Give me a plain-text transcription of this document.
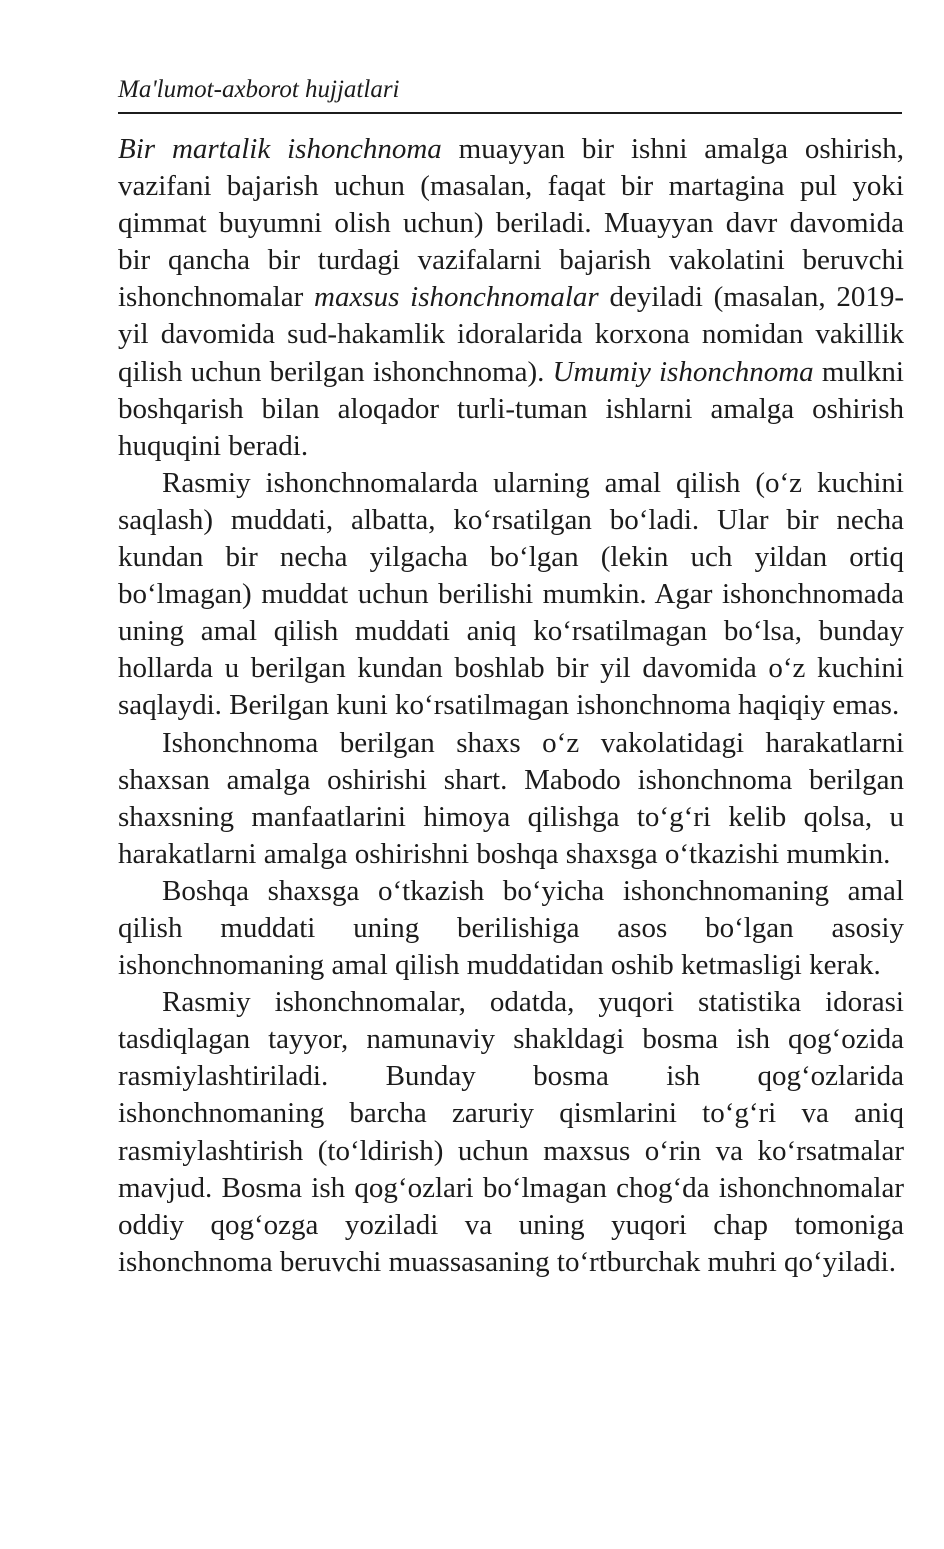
Ma'lumot-axborot hujjatlari

Bir martalik ishonchnoma muayyan bir ishni amalga oshirish, vazifani bajarish uchun (masalan, faqat bir martagina pul yoki qimmat buyumni olish uchun) beriladi. Muayyan davr davomida bir qancha bir turdagi vazifalarni bajarish vakolatini beruvchi ishonchnomalar maxsus ishonchnomalar deyiladi (masalan, 2019-yil davomida sud-hakamlik idoralarida korxona nomidan vakillik qilish uchun berilgan ishonchnoma). Umumiy ishonchnoma mulkni boshqarish bilan aloqador turli-tuman ishlarni amalga oshirish huquqini beradi.

Rasmiy ishonchnomalarda ularning amal qilish (o‘z kuchini saqlash) muddati, albatta, ko‘rsatilgan bo‘ladi. Ular bir necha kundan bir necha yilgacha bo‘lgan (lekin uch yildan ortiq bo‘lmagan) muddat uchun berilishi mumkin. Agar ishonchnomada uning amal qilish muddati aniq ko‘rsatilmagan bo‘lsa, bunday hollarda u berilgan kundan boshlab bir yil davomida o‘z kuchini saqlaydi. Berilgan kuni ko‘rsatilmagan ishonchnoma haqiqiy emas.

Ishonchnoma berilgan shaxs o‘z vakolatidagi harakatlarni shaxsan amalga oshirishi shart. Mabodo ishonchnoma berilgan shaxsning manfaatlarini himoya qilishga to‘g‘ri kelib qolsa, u harakatlarni amalga oshirishni boshqa shaxsga o‘tkazishi mumkin.

Boshqa shaxsga o‘tkazish bo‘yicha ishonchnomaning amal qilish muddati uning berilishiga asos bo‘lgan asosiy ishonchnomaning amal qilish muddatidan oshib ketmasligi kerak.

Rasmiy ishonchnomalar, odatda, yuqori statistika idorasi tasdiqlagan tayyor, namunaviy shakldagi bosma ish qog‘ozida rasmiylashtiriladi. Bunday bosma ish qog‘ozlarida ishonchnomaning barcha zaruriy qismlarini to‘g‘ri va aniq rasmiylashtirish (to‘ldirish) uchun maxsus o‘rin va ko‘rsatmalar mavjud. Bosma ish qog‘ozlari bo‘lmagan chog‘da ishonchnomalar oddiy qog‘ozga yoziladi va uning yuqori chap tomoniga ishonchnoma beruvchi muassasaning to‘rtburchak muhri qo‘yiladi.
